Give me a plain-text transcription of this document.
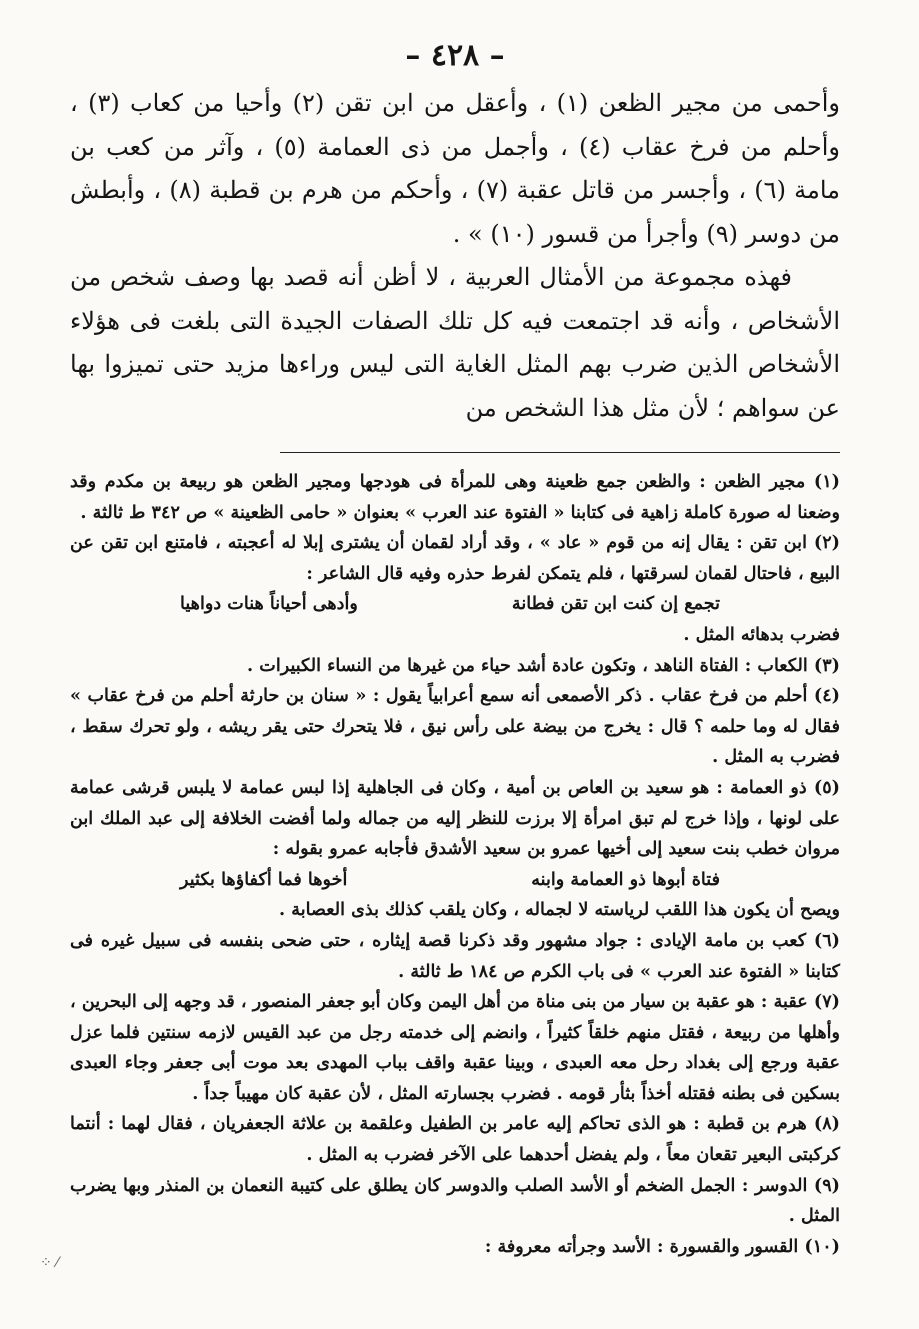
– ٤٢٨ –

وأحمى من مجير الظعن (١) ، وأعقل من ابن تقن (٢) وأحيا من كعاب (٣) ، وأحلم من فرخ عقاب (٤) ، وأجمل من ذى العمامة (٥) ، وآثر من كعب بن مامة (٦) ، وأجسر من قاتل عقبة (٧) ، وأحكم من هرم بن قطبة (٨) ، وأبطش من دوسر (٩) وأجرأ من قسور (١٠) » .

فهذه مجموعة من الأمثال العربية ، لا أظن أنه قصد بها وصف شخص من الأشخاص ، وأنه قد اجتمعت فيه كل تلك الصفات الجيدة التى بلغت فى هؤلاء الأشخاص الذين ضرب بهم المثل الغاية التى ليس وراءها مزيد حتى تميزوا بها عن سواهم ؛ لأن مثل هذا الشخص من

(١) مجير الظعن : والظعن جمع ظعينة وهى للمرأة فى هودجها ومجير الظعن هو ربيعة بن مكدم وقد وضعنا له صورة كاملة زاهية فى كتابنا « الفتوة عند العرب » بعنوان « حامى الظعينة » ص ٣٤٢ ط ثالثة .

(٢) ابن تقن : يقال إنه من قوم « عاد » ، وقد أراد لقمان أن يشترى إبلا له أعجبته ، فامتنع ابن تقن عن البيع ، فاحتال لقمان لسرقتها ، فلم يتمكن لفرط حذره وفيه قال الشاعر :

تجمع إن كنت ابن تقن فطانة
وأدهى أحياناً هنات دواهيا

فضرب بدهائه المثل .

(٣) الكعاب : الفتاة الناهد ، وتكون عادة أشد حياء من غيرها من النساء الكبيرات .

(٤) أحلم من فرخ عقاب . ذكر الأصمعى أنه سمع أعرابياً يقول : « سنان بن حارثة أحلم من فرخ عقاب » فقال له وما حلمه ؟ قال : يخرج من بيضة على رأس نيق ، فلا يتحرك حتى يقر ريشه ، ولو تحرك سقط ، فضرب به المثل .

(٥) ذو العمامة : هو سعيد بن العاص بن أمية ، وكان فى الجاهلية إذا لبس عمامة لا يلبس قرشى عمامة على لونها ، وإذا خرج لم تبق امرأة إلا برزت للنظر إليه من جماله ولما أفضت الخلافة إلى عبد الملك ابن مروان خطب بنت سعيد إلى أخيها عمرو بن سعيد الأشدق فأجابه عمرو بقوله :

فتاة أبوها ذو العمامة وابنه
أخوها فما أكفاؤها بكثير

ويصح أن يكون هذا اللقب لرياسته لا لجماله ، وكان يلقب كذلك بذى العصابة .

(٦) كعب بن مامة الإيادى : جواد مشهور وقد ذكرنا قصة إيثاره ، حتى ضحى بنفسه فى سبيل غيره فى كتابنا « الفتوة عند العرب » فى باب الكرم ص ١٨٤ ط ثالثة .

(٧) عقبة : هو عقبة بن سيار من بنى مناة من أهل اليمن وكان أبو جعفر المنصور ، قد وجهه إلى البحرين ، وأهلها من ربيعة ، فقتل منهم خلقاً كثيراً ، وانضم إلى خدمته رجل من عبد القيس لازمه سنتين فلما عزل عقبة ورجع إلى بغداد رحل معه العبدى ، وبينا عقبة واقف بباب المهدى بعد موت أبى جعفر وجاء العبدى بسكين فى بطنه فقتله أخذاً بثأر قومه . فضرب بجسارته المثل ، لأن عقبة كان مهيباً جداً .

(٨) هرم بن قطبة : هو الذى تحاكم إليه عامر بن الطفيل وعلقمة بن علاثة الجعفريان ، فقال لهما : أنتما كركبتى البعير تقعان معاً ، ولم يفضل أحدهما على الآخر فضرب به المثل .

(٩) الدوسر : الجمل الضخم أو الأسد الصلب والدوسر كان يطلق على كتيبة النعمان بن المنذر وبها يضرب المثل .

(١٠) القسور والقسورة : الأسد وجرأته معروفة :

⁘ ⁄
